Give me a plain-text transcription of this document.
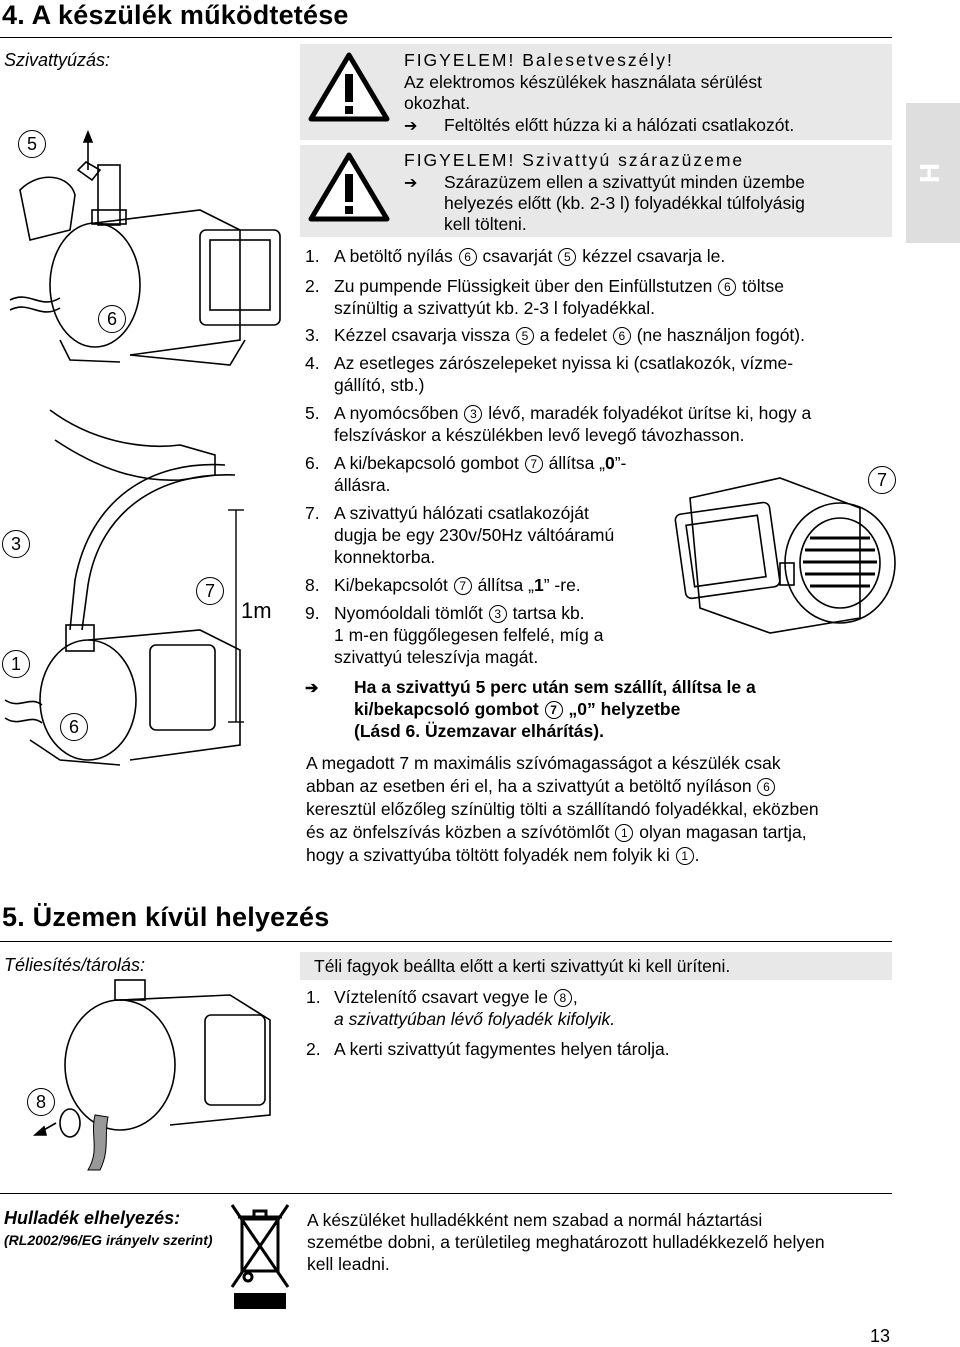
4. A készülék működtetése
Szivattyúzás:
H
1m
5
6
3
7
1
6
FIGYELEM! Balesetveszély!
Az elektromos készülékek használata sérülést
okozhat.
➔ Feltöltés előtt húzza ki a hálózati csatlakozót.
FIGYELEM! Szivattyú szárazüzeme
➔ Szárazüzem ellen a szivattyút minden üzembe
helyezés előtt (kb. 2-3 l) folyadékkal túlfolyásig
kell tölteni.
1. A betöltő nyílás 6 csavarját 5 kézzel csavarja le.
2. Zu pumpende Flüssigkeit über den Einfüllstutzen 6 töltse
színültig a szivattyút kb. 2-3 l folyadékkal.
3. Kézzel csavarja vissza 5 a fedelet 6 (ne használjon fogót).
4. Az esetleges zárószelepeket nyissa ki (csatlakozók, vízme-
gállító, stb.)
5. A nyomócsőben 3 lévő, maradék folyadékot ürítse ki, hogy a
felszíváskor a készülékben levő levegő távozhasson.
6. A ki/bekapcsoló gombot 7 állítsa „0”-
állásra.
7. A szivattyú hálózati csatlakozóját
dugja be egy 230v/50Hz váltóáramú
konnektorba.
8. Ki/bekapcsolót 7 állítsa „1” -re.
9. Nyomóoldali tömlőt 3 tartsa kb.
1 m-en függőlegesen felfelé, míg a
szivattyú teleszívja magát.
7
➔ Ha a szivattyú 5 perc után sem szállít, állítsa le a
ki/bekapcsoló gombot 7 „0” helyzetbe
(Lásd 6. Üzemzavar elhárítás).
A megadott 7 m maximális szívómagasságot a készülék csak
abban az esetben éri el, ha a szivattyút a betöltő nyíláson 6
keresztül előzőleg színültig tölti a szállítandó folyadékkal, eközben
és az önfelszívás közben a szívótömlőt 1 olyan magasan tartja,
hogy a szivattyúba töltött folyadék nem folyik ki 1 .
5. Üzemen kívül helyezés
Téliesítés/tárolás:	Téli fagyok beállta előtt a kerti szivattyút ki kell üríteni.
1. Víztelenítő csavart vegye le 8 ,
a szivattyúban lévő folyadék kifolyik.
2. A kerti szivattyút fagymentes helyen tárolja.
8
Hulladék elhelyezés:
(RL2002/96/EG irányelv szerint)
A készüléket hulladékként nem szabad a normál háztartási
szemétbe dobni, a területileg meghatározott hulladékkezelő helyen
kell leadni.
13
